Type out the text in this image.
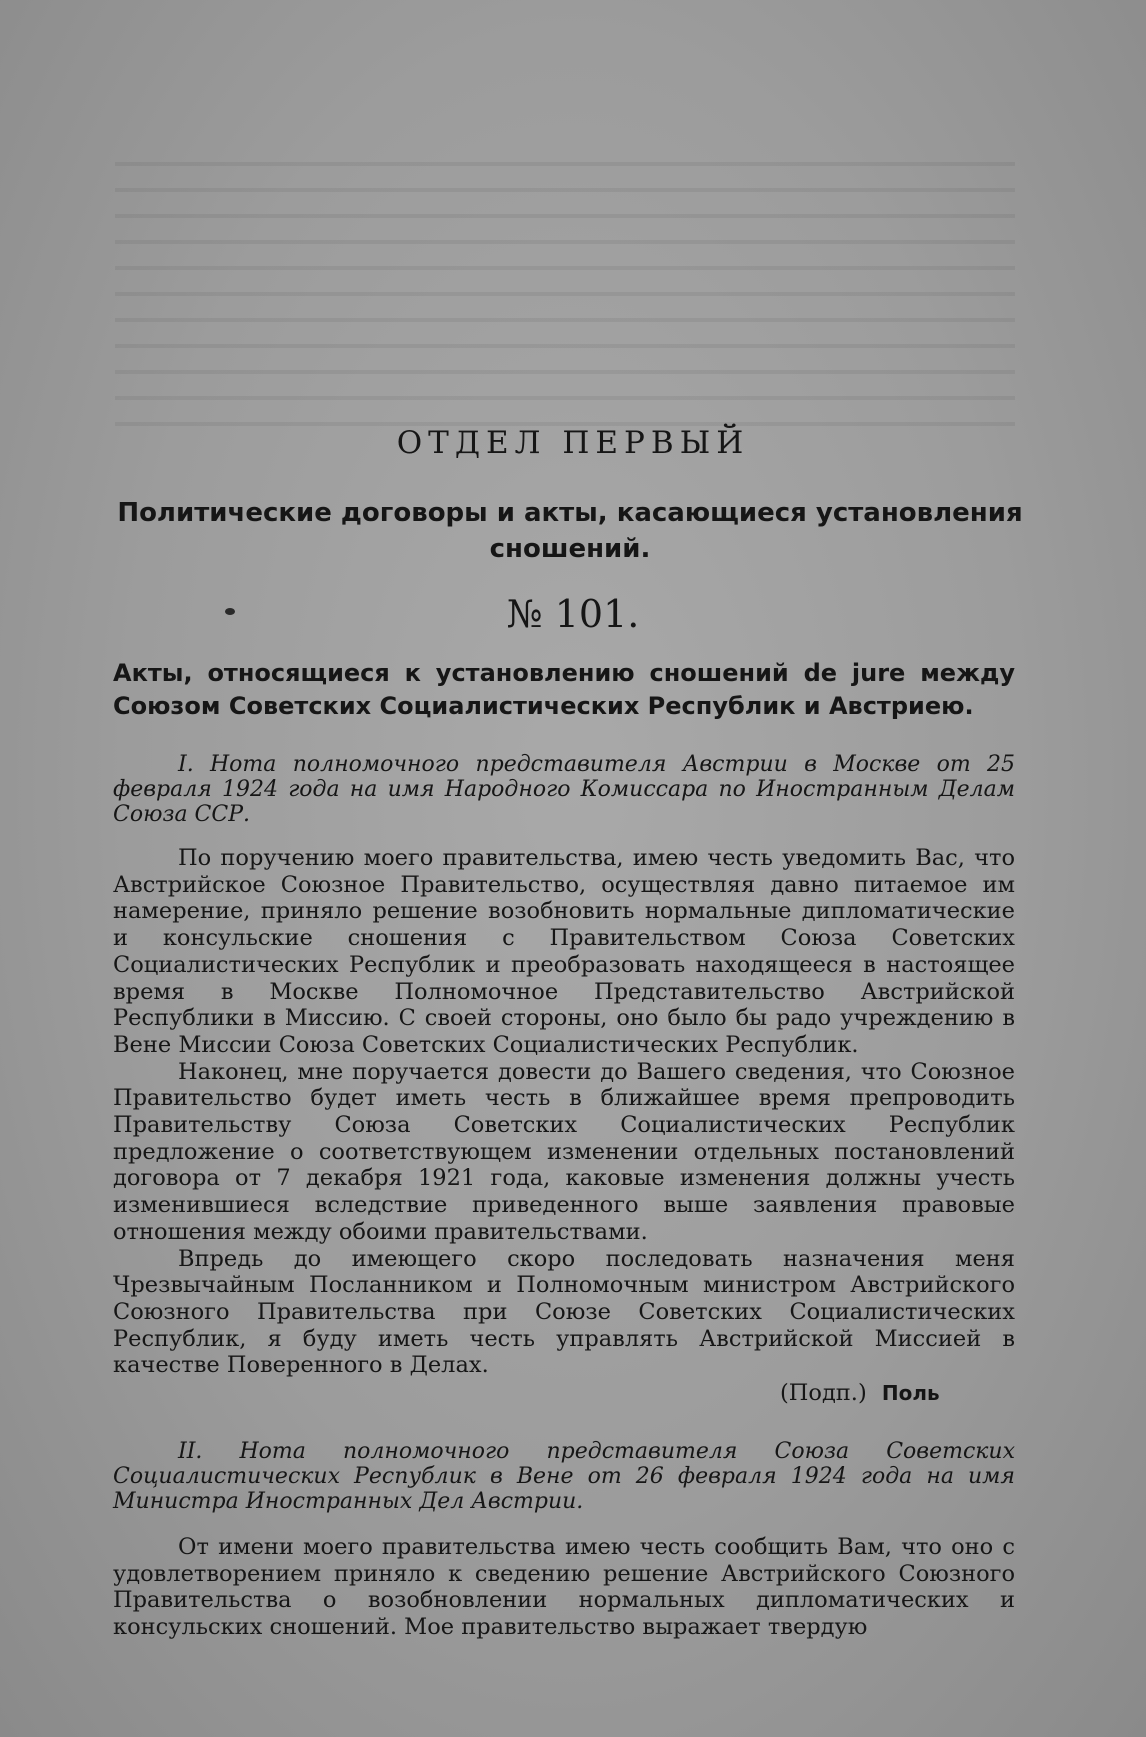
ОТДЕЛ ПЕРВЫЙ
Политические договоры и акты, касающиеся установления сношений.
№ 101.
Акты, относящиеся к установлению сношений de jure между Союзом Советских Социалистических Республик и Австриею.
I. Нота полномочного представителя Австрии в Москве от 25 февраля 1924 года на имя Народного Комиссара по Иностранным Делам Союза ССР.

По поручению моего правительства, имею честь уведомить Вас, что Австрийское Союзное Правительство, осуществляя давно питаемое им намерение, приняло решение возобновить нормальные дипломатические и консульские сношения с Правительством Союза Советских Социалистических Республик и преобразовать находящееся в настоящее время в Москве Полномочное Представительство Австрийской Республики в Миссию. С своей стороны, оно было бы радо учреждению в Вене Миссии Союза Советских Социалистических Республик.

Наконец, мне поручается довести до Вашего сведения, что Союзное Правительство будет иметь честь в ближайшее время препроводить Правительству Союза Советских Социалистических Республик предложение о соответствующем изменении отдельных постановлений договора от 7 декабря 1921 года, каковые изменения должны учесть изменившиеся вследствие приведенного выше заявления правовые отношения между обоими правительствами.

Впредь до имеющего скоро последовать назначения меня Чрезвычайным Посланником и Полномочным министром Австрийского Союзного Правительства при Союзе Советских Социалистических Республик, я буду иметь честь управлять Австрийской Миссией в качестве Поверенного в Делах.

(Подп.) Поль
II. Нота полномочного представителя Союза Советских Социалистических Республик в Вене от 26 февраля 1924 года на имя Министра Иностранных Дел Австрии.

От имени моего правительства имею честь сообщить Вам, что оно с удовлетворением приняло к сведению решение Австрийского Союзного Правительства о возобновлении нормальных дипломатических и консульских сношений. Мое правительство выражает твердую
